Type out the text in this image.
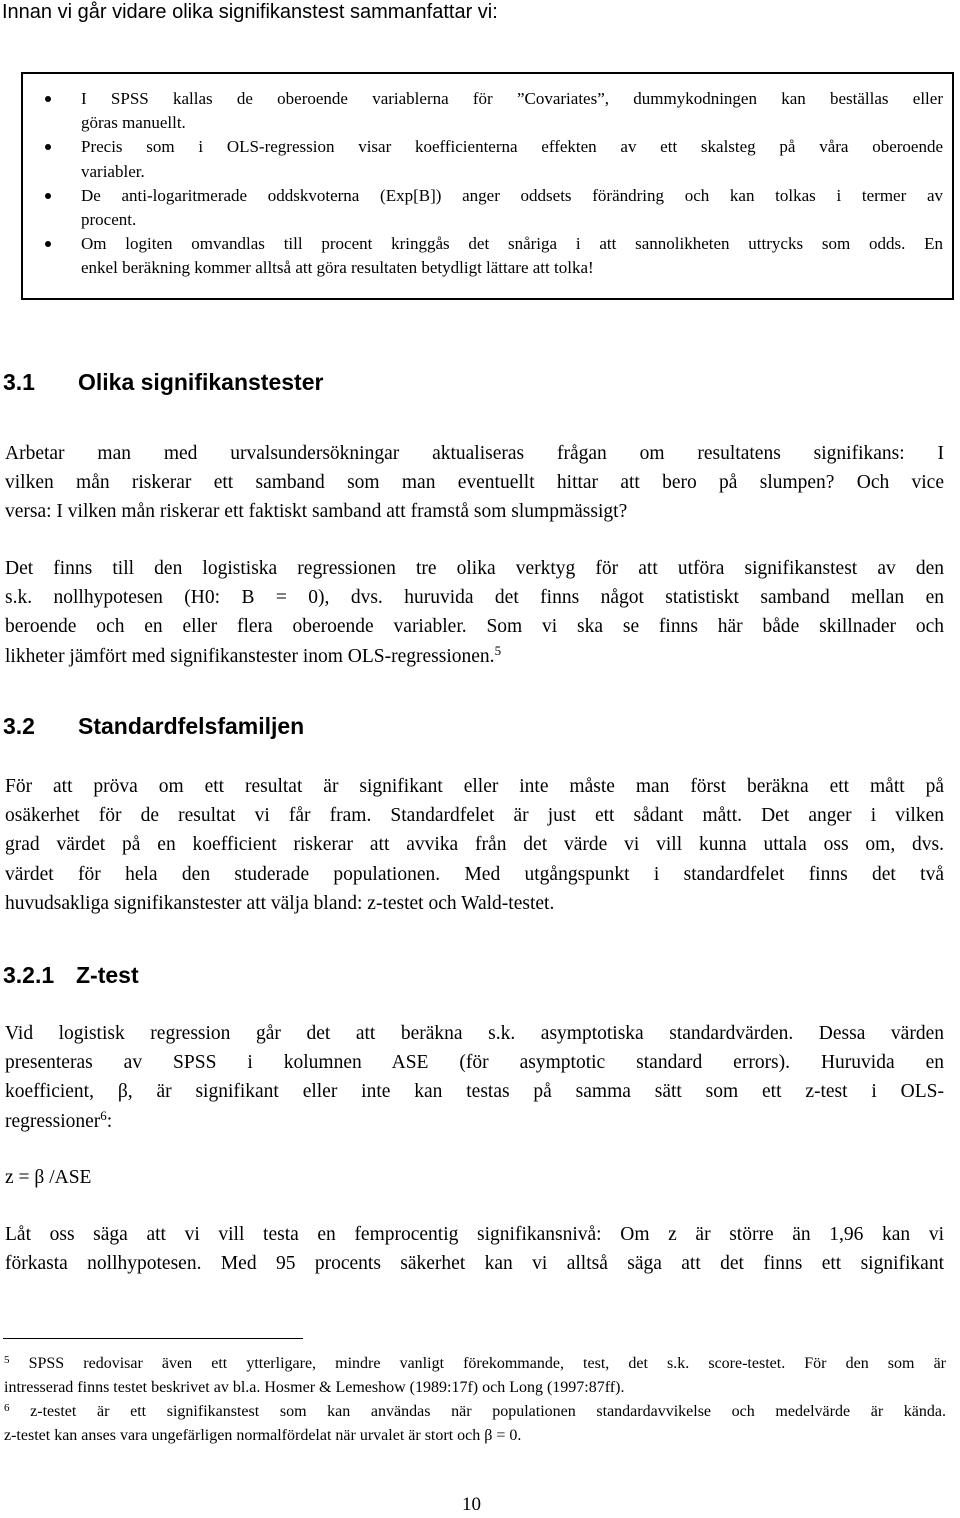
Innan vi går vidare olika signifikanstest sammanfattar vi:
I SPSS kallas de oberoende variablerna för ”Covariates”, dummykodningen kan beställas eller
göras manuellt.
Precis som i OLS-regression visar koefficienterna effekten av ett skalsteg på våra oberoende
variabler.
De anti-logaritmerade oddskvoterna (Exp[B]) anger oddsets förändring och kan tolkas i termer av
procent.
Om logiten omvandlas till procent kringgås det snåriga i att sannolikheten uttrycks som odds. En
enkel beräkning kommer alltså att göra resultaten betydligt lättare att tolka!
3.1 Olika signifikanstester
Arbetar man med urvalsundersökningar aktualiseras frågan om resultatens signifikans: I
vilken mån riskerar ett samband som man eventuellt hittar att bero på slumpen? Och vice
versa: I vilken mån riskerar ett faktiskt samband att framstå som slumpmässigt?
Det finns till den logistiska regressionen tre olika verktyg för att utföra signifikanstest av den
s.k. nollhypotesen (H0: B = 0), dvs. huruvida det finns något statistiskt samband mellan en
beroende och en eller flera oberoende variabler. Som vi ska se finns här både skillnader och
likheter jämfört med signifikanstester inom OLS-regressionen.$^5$
3.2 Standardfelsfamiljen
För att pröva om ett resultat är signifikant eller inte måste man först beräkna ett mått på
osäkerhet för de resultat vi får fram. Standardfelet är just ett sådant mått. Det anger i vilken
grad värdet på en koefficient riskerar att avvika från det värde vi vill kunna uttala oss om, dvs.
värdet för hela den studerade populationen. Med utgångspunkt i standardfelet finns det två
huvudsakliga signifikanstester att välja bland: z-testet och Wald-testet.
3.2.1 Z-test
Vid logistisk regression går det att beräkna s.k. asymptotiska standardvärden. Dessa värden
presenteras av SPSS i kolumnen ASE (för asymptotic standard errors). Huruvida en
koefficient, β, är signifikant eller inte kan testas på samma sätt som ett z-test i OLS-
regressioner$^6$:
z = β /ASE
Låt oss säga att vi vill testa en femprocentig signifikansnivå: Om z är större än 1,96 kan vi
förkasta nollhypotesen. Med 95 procents säkerhet kan vi alltså säga att det finns ett signifikant
$^5$ SPSS redovisar även ett ytterligare, mindre vanligt förekommande, test, det s.k. score-testet. För den som är
intresserad finns testet beskrivet av bl.a. Hosmer & Lemeshow (1989:17f) och Long (1997:87ff).
$^6$ z-testet är ett signifikanstest som kan användas när populationen standardavvikelse och medelvärde är kända.
z-testet kan anses vara ungefärligen normalfördelat när urvalet är stort och β = 0.
10
